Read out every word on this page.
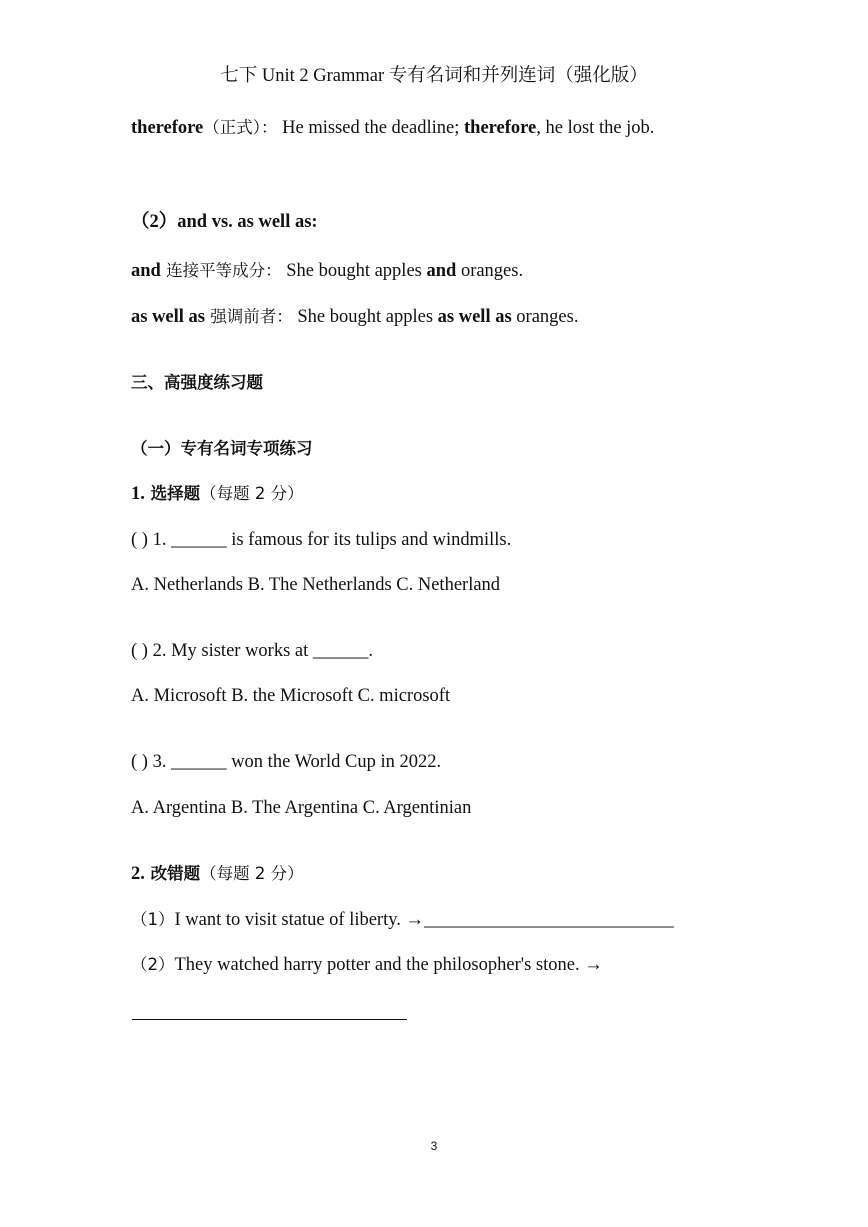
七下 Unit 2 Grammar 专有名词和并列连词（强化版）
therefore（正式）： He missed the deadline; therefore, he lost the job.
（2）and vs. as well as:
and 连接平等成分： She bought apples and oranges.
as well as 强调前者： She bought apples as well as oranges.
三、高强度练习题
（一）专有名词专项练习
1. 选择题（每题 2 分）
( ) 1. ______ is famous for its tulips and windmills.
A. Netherlands B. The Netherlands C. Netherland
( ) 2. My sister works at ______.
A. Microsoft B. the Microsoft C. microsoft
( ) 3. ______ won the World Cup in 2022.
A. Argentina B. The Argentina C. Argentinian
2. 改错题（每题 2 分）
（1）I want to visit statue of liberty. →___________________________
（2）They watched harry potter and the philosopher's stone. →
3
